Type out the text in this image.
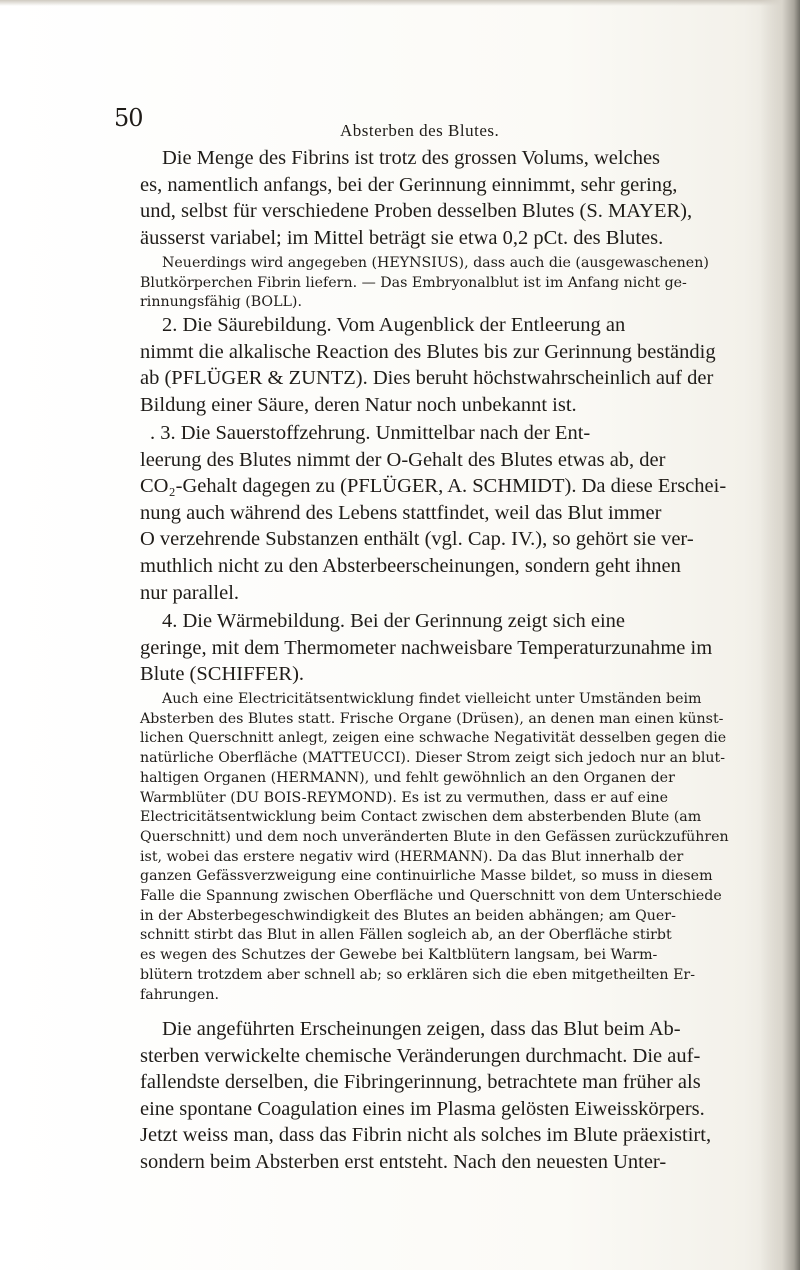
50	Absterben des Blutes.
Die Menge des Fibrins ist trotz des grossen Volums, welches
es, namentlich anfangs, bei der Gerinnung einnimmt, sehr gering,
und, selbst für verschiedene Proben desselben Blutes (S. MAYER),
äusserst variabel; im Mittel beträgt sie etwa 0,2 pCt. des Blutes.
Neuerdings wird angegeben (HEYNSIUS), dass auch die (ausgewaschenen)
Blutkörperchen Fibrin liefern. — Das Embryonalblut ist im Anfang nicht ge-
rinnungsfähig (BOLL).
2. Die Säurebildung. Vom Augenblick der Entleerung an
nimmt die alkalische Reaction des Blutes bis zur Gerinnung beständig
ab (PFLÜGER & ZUNTZ). Dies beruht höchstwahrscheinlich auf der
Bildung einer Säure, deren Natur noch unbekannt ist.
. 3. Die Sauerstoffzehrung. Unmittelbar nach der Ent-
leerung des Blutes nimmt der O-Gehalt des Blutes etwas ab, der
CO₂-Gehalt dagegen zu (PFLÜGER, A. SCHMIDT). Da diese Erschei-
nung auch während des Lebens stattfindet, weil das Blut immer
O verzehrende Substanzen enthält (vgl. Cap. IV.), so gehört sie ver-
muthlich nicht zu den Absterbeerscheinungen, sondern geht ihnen
nur parallel.
4. Die Wärmebildung. Bei der Gerinnung zeigt sich eine
geringe, mit dem Thermometer nachweisbare Temperaturzunahme im
Blute (SCHIFFER).
Auch eine Electricitätsentwicklung findet vielleicht unter Umständen beim
Absterben des Blutes statt. Frische Organe (Drüsen), an denen man einen künst-
lichen Querschnitt anlegt, zeigen eine schwache Negativität desselben gegen die
natürliche Oberfläche (MATTEUCCI). Dieser Strom zeigt sich jedoch nur an blut-
haltigen Organen (HERMANN), und fehlt gewöhnlich an den Organen der
Warmblüter (DU BOIS-REYMOND). Es ist zu vermuthen, dass er auf eine
Electricitätsentwicklung beim Contact zwischen dem absterbenden Blute (am
Querschnitt) und dem noch unveränderten Blute in den Gefässen zurückzuführen
ist, wobei das erstere negativ wird (HERMANN). Da das Blut innerhalb der
ganzen Gefässverzweigung eine continuirliche Masse bildet, so muss in diesem
Falle die Spannung zwischen Oberfläche und Querschnitt von dem Unterschiede
in der Absterbegeschwindigkeit des Blutes an beiden abhängen; am Quer-
schnitt stirbt das Blut in allen Fällen sogleich ab, an der Oberfläche stirbt
es wegen des Schutzes der Gewebe bei Kaltblütern langsam, bei Warm-
blütern trotzdem aber schnell ab; so erklären sich die eben mitgetheilten Er-
fahrungen.
Die angeführten Erscheinungen zeigen, dass das Blut beim Ab-
sterben verwickelte chemische Veränderungen durchmacht. Die auf-
fallendste derselben, die Fibringerinnung, betrachtete man früher als
eine spontane Coagulation eines im Plasma gelösten Eiweisskörpers.
Jetzt weiss man, dass das Fibrin nicht als solches im Blute präexistirt,
sondern beim Absterben erst entsteht. Nach den neuesten Unter-
